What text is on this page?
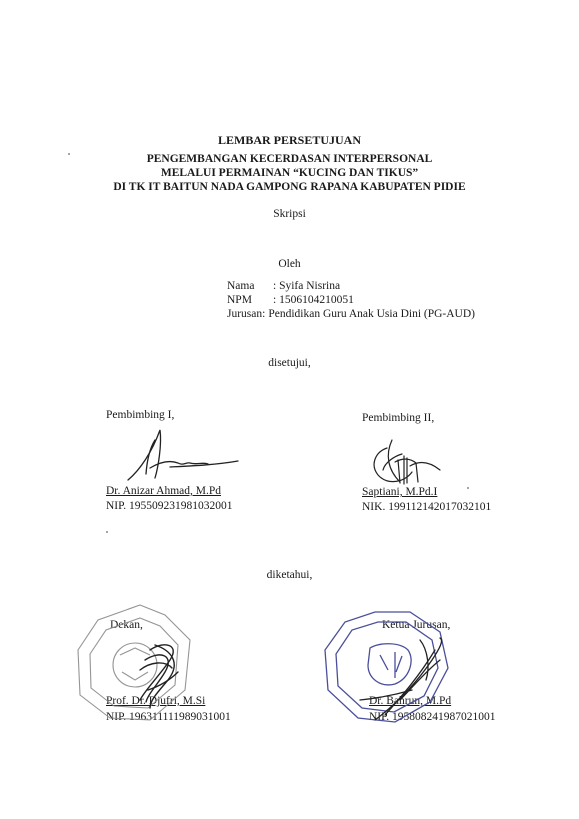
LEMBAR PERSETUJUAN
PENGEMBANGAN KECERDASAN INTERPERSONAL
MELALUI PERMAINAN “KUCING DAN TIKUS”
DI TK IT BAITUN NADA GAMPONG RAPANA KABUPATEN PIDIE
Skripsi
Oleh
Nama	: Syifa Nisrina
NPM	: 1506104210051
Jurusan: Pendidikan Guru Anak Usia Dini (PG-AUD)
disetujui,
Pembimbing I,
Dr. Anizar Ahmad, M.Pd
NIP. 195509231981032001
Pembimbing II,
Saptiani, M.Pd.I
NIK. 199112142017032101
diketahui,
Dekan,
Prof. Dr. Djufri, M.Si
NIP. 196311111989031001
Ketua Jurusan,
Dr. Bahrun, M.Pd
NIP. 195808241987021001
